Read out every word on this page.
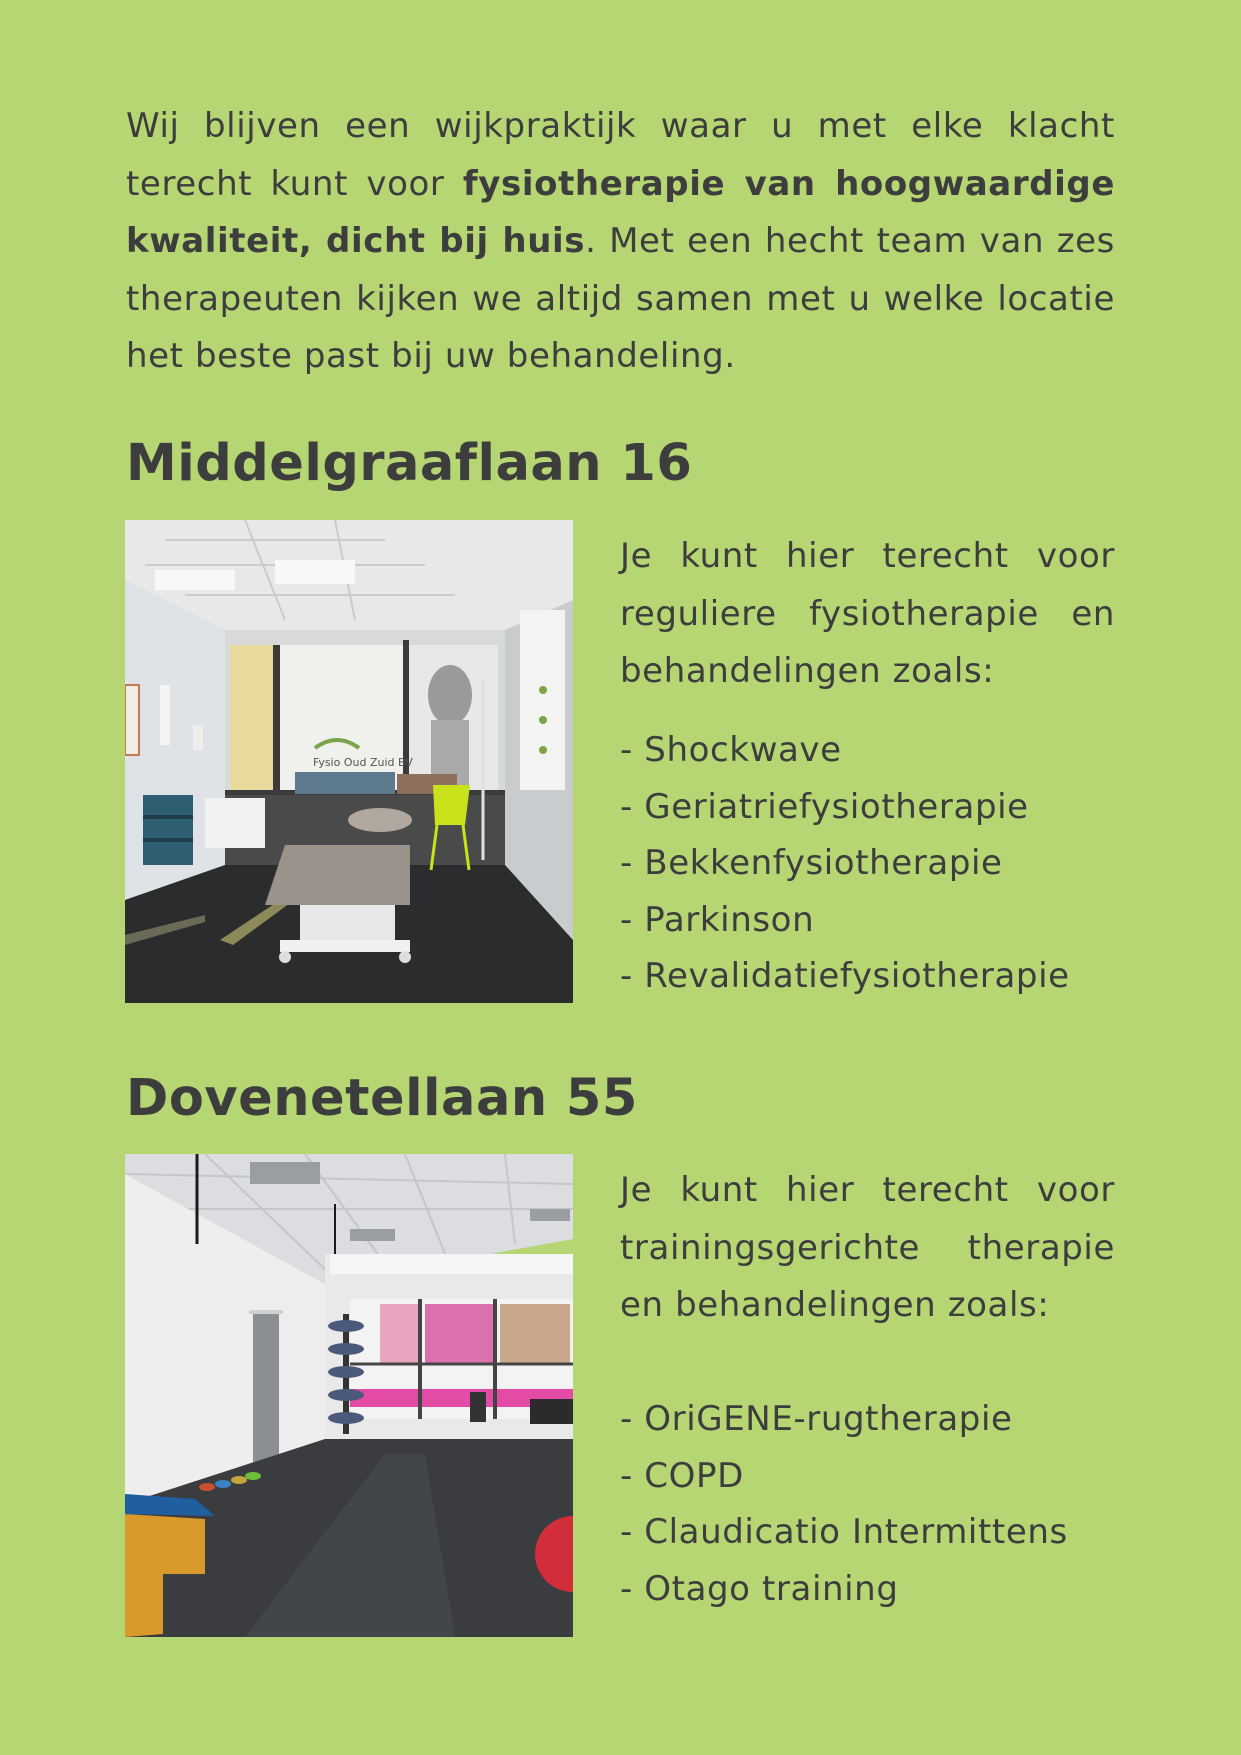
Wij blijven een wijkpraktijk waar u met elke klacht terecht kunt voor fysiotherapie van hoogwaardige kwaliteit, dicht bij huis. Met een hecht team van zes therapeuten kijken we altijd samen met u welke locatie het beste past bij uw behandeling.

Middelgraaflaan 16
Fysio Oud Zuid BV

Je kunt hier terecht voor reguliere fysiotherapie en behandelingen zoals:

- Shockwave
- Geriatriefysiotherapie
- Bekkenfysiotherapie
- Parkinson
- Revalidatiefysiotherapie
Dovenetellaan 55

Je kunt hier terecht voor trainingsgerichte therapie en behandelingen zoals:

- OriGENE-rugtherapie
- COPD
- Claudicatio Intermittens
- Otago training
